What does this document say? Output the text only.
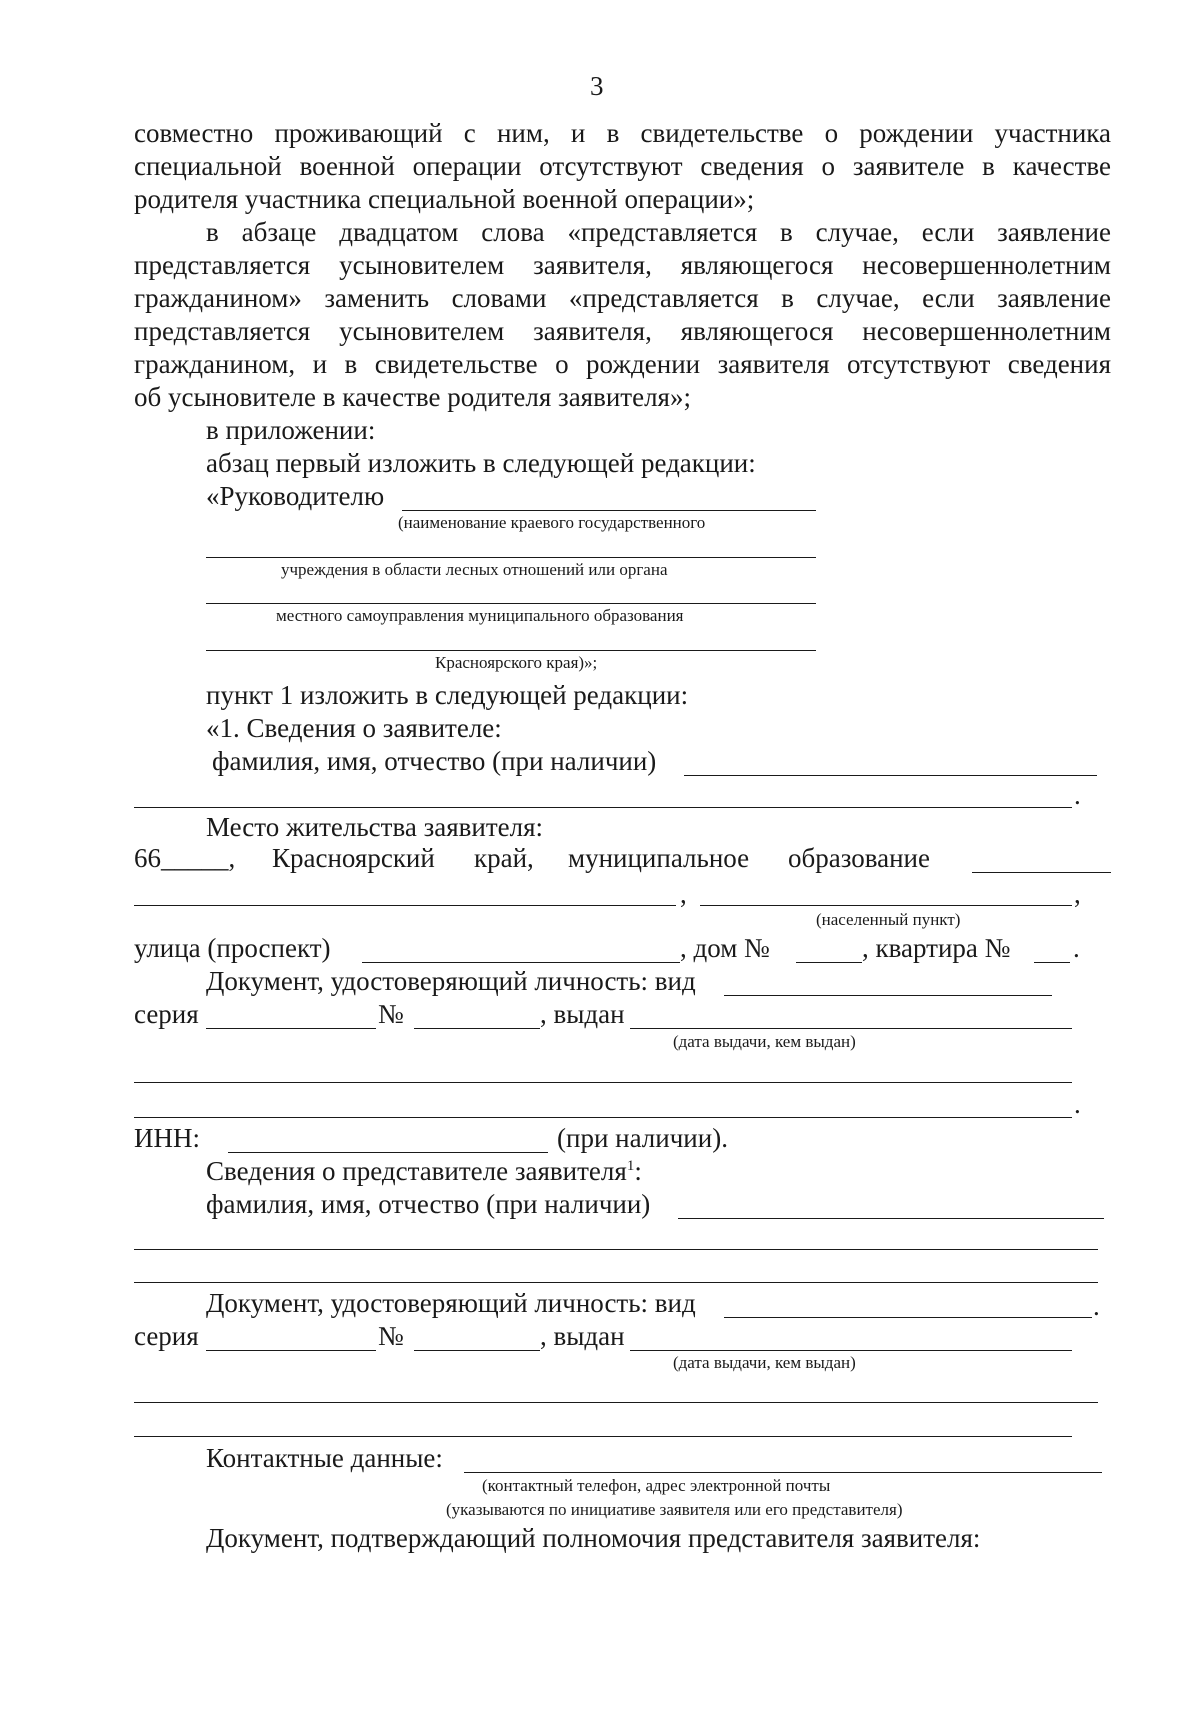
3
совместно проживающий с ним, и в свидетельстве о рождении участника
специальной военной операции отсутствуют сведения о заявителе в качестве
родителя участника специальной военной операции»;
в абзаце двадцатом слова «представляется в случае, если заявление
представляется усыновителем заявителя, являющегося несовершеннолетним
гражданином» заменить словами «представляется в случае, если заявление
представляется усыновителем заявителя, являющегося несовершеннолетним
гражданином, и в свидетельстве о рождении заявителя отсутствуют сведения
об усыновителе в качестве родителя заявителя»;
в приложении:
абзац первый изложить в следующей редакции:
«Руководителю
(наименование краевого государственного
учреждения в области лесных отношений или органа
местного самоуправления муниципального образования
Красноярского края)»;
пункт 1 изложить в следующей редакции:
«1. Сведения о заявителе:
фамилия, имя, отчество (при наличии)
.
Место жительства заявителя:
66_____, Красноярский край, муниципальное образование
,	,
(населенный пункт)
улица (проспект)	, дом №	, квартира № .
Документ, удостоверяющий личность: вид
серия	№	, выдан
(дата выдачи, кем выдан)
.
ИНН:	(при наличии).
Сведения о представителе заявителя$^1$:
фамилия, имя, отчество (при наличии)
Документ, удостоверяющий личность: вид	.
серия	№	, выдан
(дата выдачи, кем выдан)
Контактные данные:
(контактный телефон, адрес электронной почты
(указываются по инициативе заявителя или его представителя)
Документ, подтверждающий полномочия представителя заявителя:
